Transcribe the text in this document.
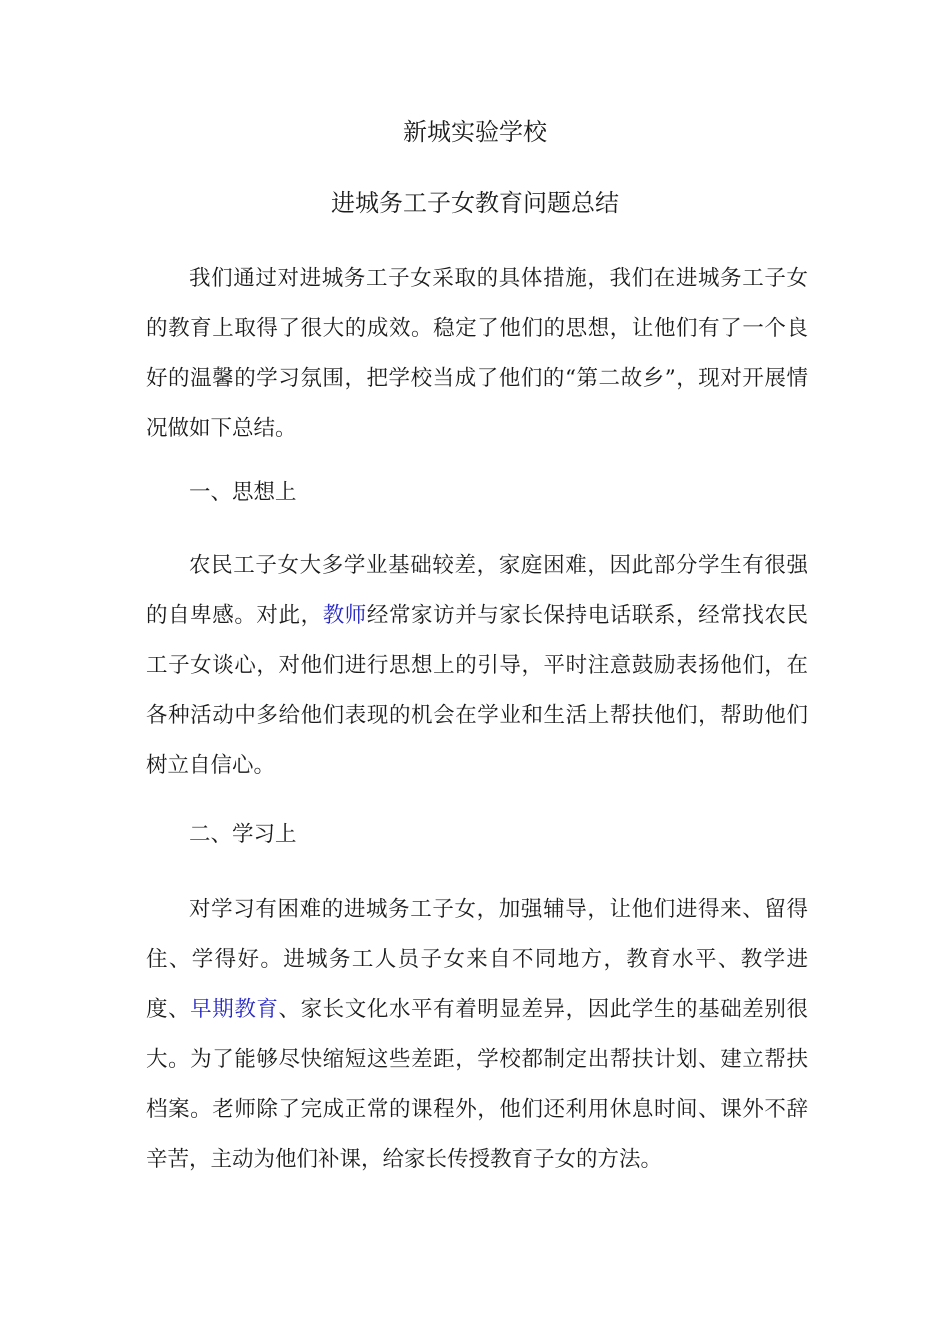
新城实验学校
进城务工子女教育问题总结

我们通过对进城务工子女采取的具体措施，我们在进城务工子女的教育上取得了很大的成效。稳定了他们的思想，让他们有了一个良好的温馨的学习氛围，把学校当成了他们的“第二故乡”，现对开展情况做如下总结。

一、思想上

农民工子女大多学业基础较差，家庭困难，因此部分学生有很强的自卑感。对此，教师经常家访并与家长保持电话联系，经常找农民工子女谈心，对他们进行思想上的引导，平时注意鼓励表扬他们，在各种活动中多给他们表现的机会在学业和生活上帮扶他们，帮助他们树立自信心。

二、学习上

对学习有困难的进城务工子女，加强辅导，让他们进得来、留得住、学得好。进城务工人员子女来自不同地方，教育水平、教学进度、早期教育、家长文化水平有着明显差异，因此学生的基础差别很大。为了能够尽快缩短这些差距，学校都制定出帮扶计划、建立帮扶档案。老师除了完成正常的课程外，他们还利用休息时间、课外不辞辛苦，主动为他们补课，给家长传授教育子女的方法。
